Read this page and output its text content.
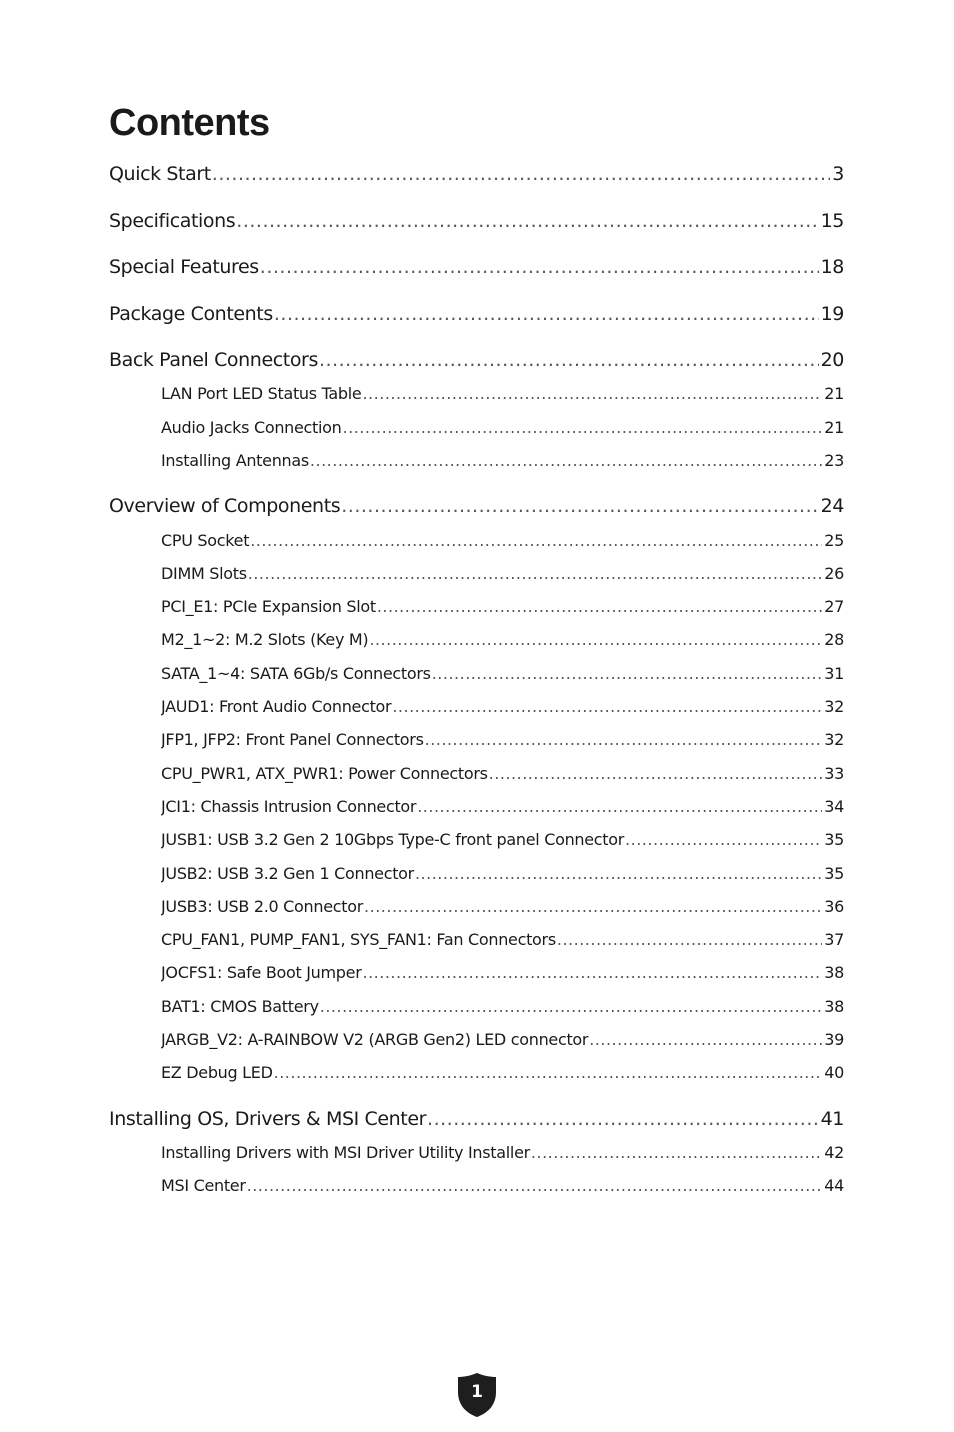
Contents
Quick Start .....	3
Specifications .....	15
Special Features .....	18
Package Contents .....	19
Back Panel Connectors .....	20
LAN Port LED Status Table .....	21
Audio Jacks Connection .....	21
Installing Antennas .....	23
Overview of Components .....	24
CPU Socket .....	25
DIMM Slots .....	26
PCI_E1: PCIe Expansion Slot .....	27
M2_1~2: M.2 Slots (Key M) .....	28
SATA_1~4: SATA 6Gb/s Connectors .....	31
JAUD1: Front Audio Connector .....	32
JFP1, JFP2: Front Panel Connectors .....	32
CPU_PWR1, ATX_PWR1: Power Connectors .....	33
JCI1: Chassis Intrusion Connector .....	34
JUSB1: USB 3.2 Gen 2 10Gbps Type-C front panel Connector .....	35
JUSB2: USB 3.2 Gen 1 Connector .....	35
JUSB3: USB 2.0 Connector .....	36
CPU_FAN1, PUMP_FAN1, SYS_FAN1: Fan Connectors .....	37
JOCFS1: Safe Boot Jumper .....	38
BAT1: CMOS Battery .....	38
JARGB_V2: A-RAINBOW V2 (ARGB Gen2) LED connector .....	39
EZ Debug LED .....	40
Installing OS, Drivers & MSI Center .....	41
Installing Drivers with MSI Driver Utility Installer .....	42
MSI Center .....	44
1
